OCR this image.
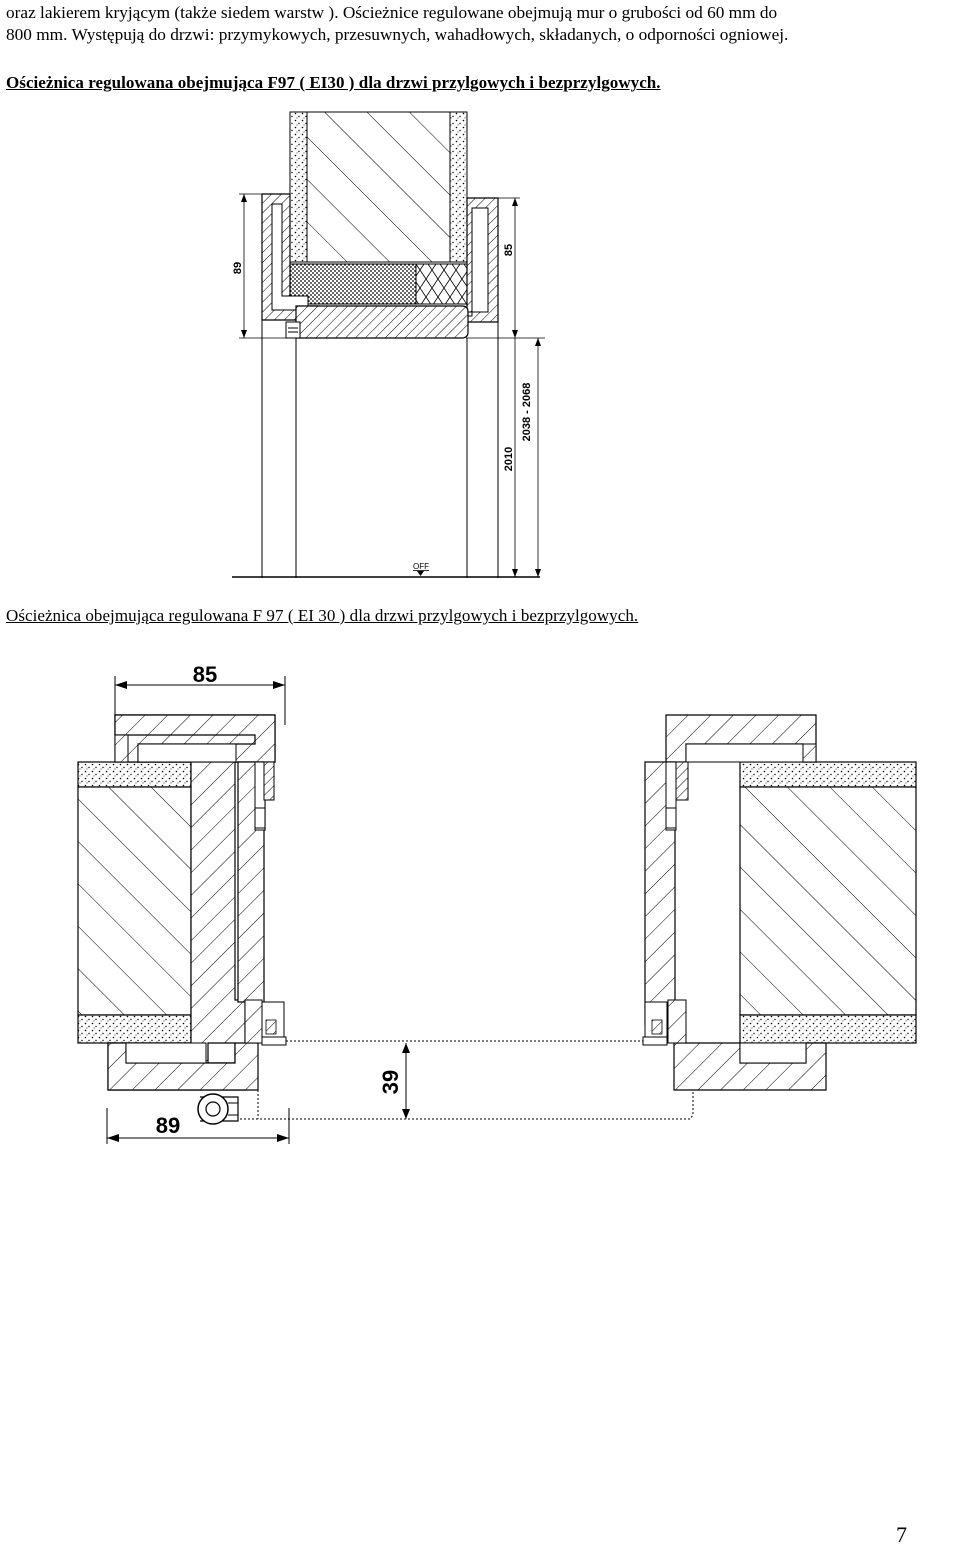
oraz lakierem kryjącym (także siedem warstw ). Ościeżnice regulowane obejmują mur o grubości od 60 mm do
800 mm. Występują do drzwi: przymykowych, przesuwnych, wahadłowych, składanych, o odporności ogniowej.

Ościeżnica regulowana obejmująca F97 ( EI30 ) dla drzwi przylgowych i bezprzylgowych.

Ościeżnica obejmująca regulowana F 97 ( EI 30 ) dla drzwi przylgowych i bezprzylgowych.

89
85
2010
2038 - 2068
OFF
85
39
89
7
